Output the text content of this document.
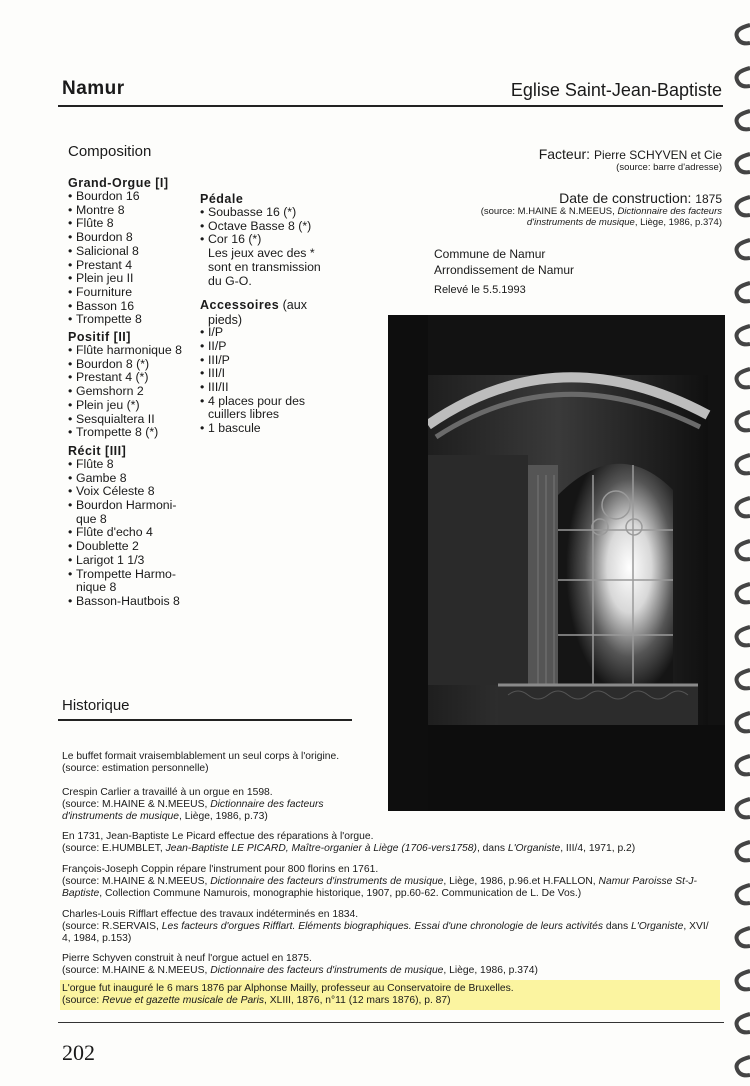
Namur	Eglise Saint-Jean-Baptiste
Composition
Grand-Orgue [I]
• Bourdon 16
• Montre 8
• Flûte 8
• Bourdon 8
• Salicional 8
• Prestant 4
• Plein jeu II
• Fourniture
• Basson 16
• Trompette 8
Positif [II]
• Flûte harmonique 8
• Bourdon 8 (*)
• Prestant 4 (*)
• Gemshorn 2
• Plein jeu (*)
• Sesquialtera II
• Trompette 8 (*)
Récit [III]
• Flûte 8
• Gambe 8
• Voix Céleste 8
• Bourdon Harmoni-
que 8
• Flûte d'echo 4
• Doublette 2
• Larigot 1 1/3
• Trompette Harmo-
nique 8
• Basson-Hautbois 8
Pédale
• Soubasse 16 (*)
• Octave Basse 8 (*)
• Cor 16 (*)
Les jeux avec des *
sont en transmission
du G-O.
Accessoires (aux
pieds)
• I/P
• II/P
• III/P
• III/I
• III/II
• 4 places pour des
cuillers libres
• 1 bascule
Facteur: Pierre SCHYVEN et Cie
(source: barre d'adresse)
Date de construction: 1875
(source: M.HAINE & N.MEEUS, Dictionnaire des facteurs
d'instruments de musique, Liège, 1986, p.374)
Commune de Namur
Arrondissement de Namur
Relevé le 5.5.1993
Historique
Le buffet formait vraisemblablement un seul corps à l'origine.
(source: estimation personnelle)
Crespin Carlier a travaillé à un orgue en 1598.
(source: M.HAINE & N.MEEUS, Dictionnaire des facteurs
d'instruments de musique, Liège, 1986, p.73)
En 1731, Jean-Baptiste Le Picard effectue des réparations à l'orgue.
(source: E.HUMBLET, Jean-Baptiste LE PICARD, Maître-organier à Liège (1706-vers1758), dans L'Organiste, III/4, 1971, p.2)
François-Joseph Coppin répare l'instrument pour 800 florins en 1761.
(source: M.HAINE & N.MEEUS, Dictionnaire des facteurs d'instruments de musique, Liège, 1986, p.96.et H.FALLON, Namur Paroisse St-J-
Baptiste, Collection Commune Namurois, monographie historique, 1907, pp.60-62. Communication de L. De Vos.)
Charles-Louis Rifflart effectue des travaux indéterminés en 1834.
(source: R.SERVAIS, Les facteurs d'orgues Rifflart. Eléments biographiques. Essai d'une chronologie de leurs activités dans L'Organiste, XVI/
4, 1984, p.153)
Pierre Schyven construit à neuf l'orgue actuel en 1875.
(source: M.HAINE & N.MEEUS, Dictionnaire des facteurs d'instruments de musique, Liège, 1986, p.374)
L'orgue fut inauguré le 6 mars 1876 par Alphonse Mailly, professeur au Conservatoire de Bruxelles.
(source: Revue et gazette musicale de Paris, XLIII, 1876, n°11 (12 mars 1876), p. 87)
202
